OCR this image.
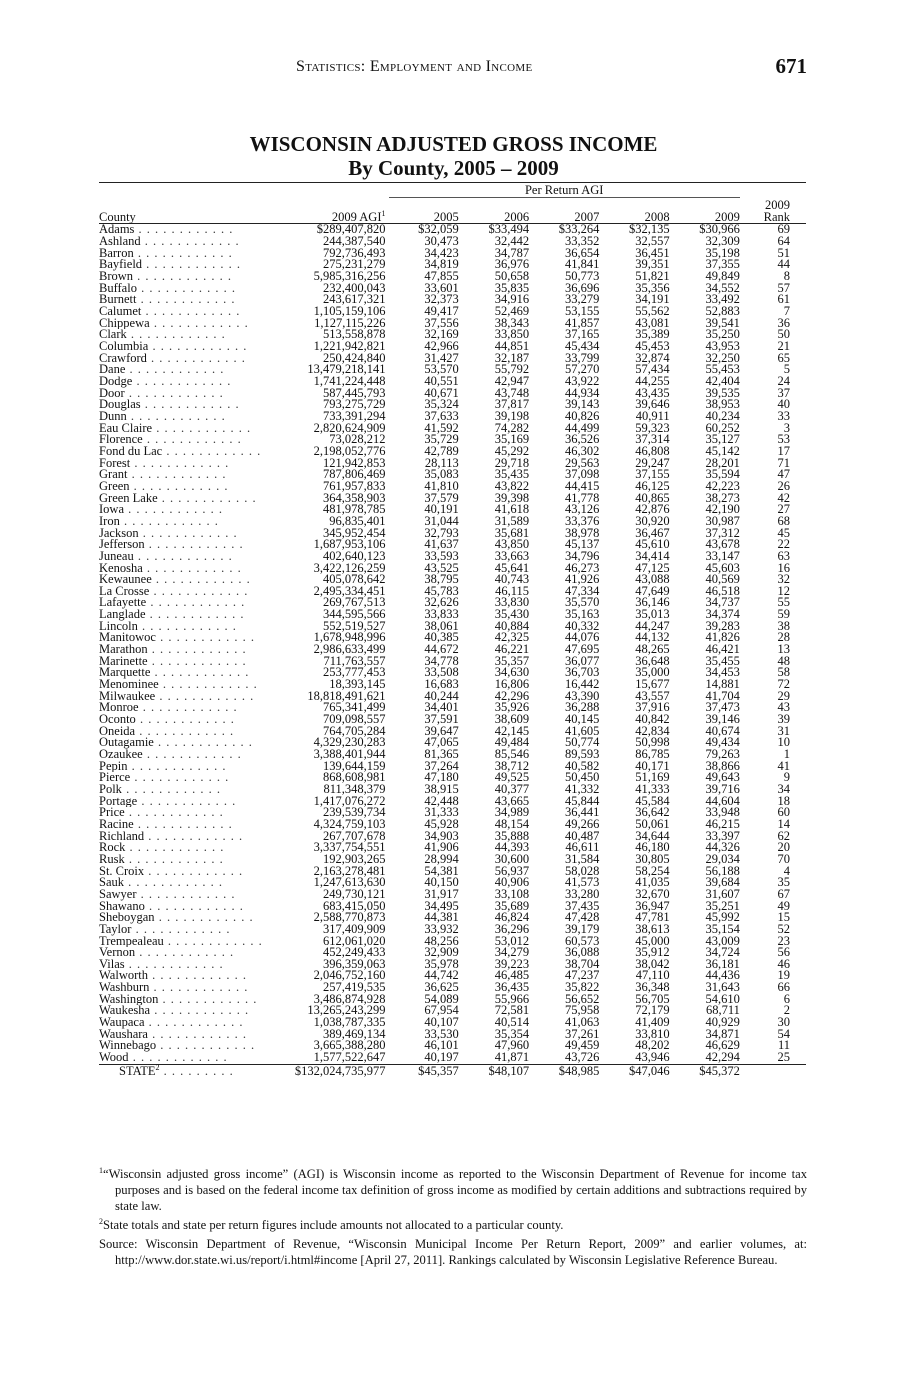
Statistics: Employment and Income	671
WISCONSIN ADJUSTED GROSS INCOME
By County, 2005 – 2009
		Per Return AGI					
							2009
County	2009 AGI$^1$	2005	2006	2007	2008	2009	Rank
Adams . . . . . . . . . . . .	$289,407,820	$32,059	$33,494	$33,264	$32,135	$30,966	69
Ashland . . . . . . . . . . . .	244,387,540	30,473	32,442	33,352	32,557	32,309	64
Barron . . . . . . . . . . . .	792,736,493	34,423	34,787	36,654	36,451	35,198	51
Bayfield . . . . . . . . . . . .	275,231,279	34,819	36,976	41,841	39,351	37,355	44
Brown . . . . . . . . . . . .	5,985,316,256	47,855	50,658	50,773	51,821	49,849	8
Buffalo . . . . . . . . . . . .	232,400,043	33,601	35,835	36,696	35,356	34,552	57
Burnett . . . . . . . . . . . .	243,617,321	32,373	34,916	33,279	34,191	33,492	61
Calumet . . . . . . . . . . . .	1,105,159,106	49,417	52,469	53,155	55,562	52,883	7
Chippewa . . . . . . . . . . . .	1,127,115,226	37,556	38,343	41,857	43,081	39,541	36
Clark . . . . . . . . . . . .	513,558,878	32,169	33,850	37,165	35,389	35,250	50
Columbia . . . . . . . . . . . .	1,221,942,821	42,966	44,851	45,434	45,453	43,953	21
Crawford . . . . . . . . . . . .	250,424,840	31,427	32,187	33,799	32,874	32,250	65
Dane . . . . . . . . . . . .	13,479,218,141	53,570	55,792	57,270	57,434	55,453	5
Dodge . . . . . . . . . . . .	1,741,224,448	40,551	42,947	43,922	44,255	42,404	24
Door . . . . . . . . . . . .	587,445,793	40,671	43,748	44,934	43,435	39,535	37
Douglas . . . . . . . . . . . .	793,275,729	35,324	37,817	39,143	39,646	38,953	40
Dunn . . . . . . . . . . . .	733,391,294	37,633	39,198	40,826	40,911	40,234	33
Eau Claire . . . . . . . . . . . .	2,820,624,909	41,592	74,282	44,499	59,323	60,252	3
Florence . . . . . . . . . . . .	73,028,212	35,729	35,169	36,526	37,314	35,127	53
Fond du Lac . . . . . . . . . . . .	2,198,052,776	42,789	45,292	46,302	46,808	45,142	17
Forest . . . . . . . . . . . .	121,942,853	28,113	29,718	29,563	29,247	28,201	71
Grant . . . . . . . . . . . .	787,806,469	35,083	35,435	37,098	37,155	35,594	47
Green . . . . . . . . . . . .	761,957,833	41,810	43,822	44,415	46,125	42,223	26
Green Lake . . . . . . . . . . . .	364,358,903	37,579	39,398	41,778	40,865	38,273	42
Iowa . . . . . . . . . . . .	481,978,785	40,191	41,618	43,126	42,876	42,190	27
Iron . . . . . . . . . . . .	96,835,401	31,044	31,589	33,376	30,920	30,987	68
Jackson . . . . . . . . . . . .	345,952,454	32,793	35,681	38,978	36,467	37,312	45
Jefferson . . . . . . . . . . . .	1,687,953,106	41,637	43,850	45,137	45,610	43,678	22
Juneau . . . . . . . . . . . .	402,640,123	33,593	33,663	34,796	34,414	33,147	63
Kenosha . . . . . . . . . . . .	3,422,126,259	43,525	45,641	46,273	47,125	45,603	16
Kewaunee . . . . . . . . . . . .	405,078,642	38,795	40,743	41,926	43,088	40,569	32
La Crosse . . . . . . . . . . . .	2,495,334,451	45,783	46,115	47,334	47,649	46,518	12
Lafayette . . . . . . . . . . . .	269,767,513	32,626	33,830	35,570	36,146	34,737	55
Langlade . . . . . . . . . . . .	344,595,566	33,833	35,430	35,163	35,013	34,374	59
Lincoln . . . . . . . . . . . .	552,519,527	38,061	40,884	40,332	44,247	39,283	38
Manitowoc . . . . . . . . . . . .	1,678,948,996	40,385	42,325	44,076	44,132	41,826	28
Marathon . . . . . . . . . . . .	2,986,633,499	44,672	46,221	47,695	48,265	46,421	13
Marinette . . . . . . . . . . . .	711,763,557	34,778	35,357	36,077	36,648	35,455	48
Marquette . . . . . . . . . . . .	253,777,453	33,508	34,630	36,703	35,000	34,453	58
Menominee . . . . . . . . . . . .	18,393,145	16,683	16,806	16,442	15,677	14,881	72
Milwaukee . . . . . . . . . . . .	18,818,491,621	40,244	42,296	43,390	43,557	41,704	29
Monroe . . . . . . . . . . . .	765,341,499	34,401	35,926	36,288	37,916	37,473	43
Oconto . . . . . . . . . . . .	709,098,557	37,591	38,609	40,145	40,842	39,146	39
Oneida . . . . . . . . . . . .	764,705,284	39,647	42,145	41,605	42,834	40,674	31
Outagamie . . . . . . . . . . . .	4,329,230,283	47,065	49,484	50,774	50,998	49,434	10
Ozaukee . . . . . . . . . . . .	3,388,401,944	81,365	85,546	89,593	86,785	79,263	1
Pepin . . . . . . . . . . . .	139,644,159	37,264	38,712	40,582	40,171	38,866	41
Pierce . . . . . . . . . . . .	868,608,981	47,180	49,525	50,450	51,169	49,643	9
Polk . . . . . . . . . . . .	811,348,379	38,915	40,377	41,332	41,333	39,716	34
Portage . . . . . . . . . . . .	1,417,076,272	42,448	43,665	45,844	45,584	44,604	18
Price . . . . . . . . . . . .	239,539,734	31,333	34,989	36,441	36,642	33,948	60
Racine . . . . . . . . . . . .	4,324,759,103	45,928	48,154	49,266	50,061	46,215	14
Richland . . . . . . . . . . . .	267,707,678	34,903	35,888	40,487	34,644	33,397	62
Rock . . . . . . . . . . . .	3,337,754,551	41,906	44,393	46,611	46,180	44,326	20
Rusk . . . . . . . . . . . .	192,903,265	28,994	30,600	31,584	30,805	29,034	70
St. Croix . . . . . . . . . . . .	2,163,278,481	54,381	56,937	58,028	58,254	56,188	4
Sauk . . . . . . . . . . . .	1,247,613,630	40,150	40,906	41,573	41,035	39,684	35
Sawyer . . . . . . . . . . . .	249,730,121	31,917	33,108	33,280	32,670	31,607	67
Shawano . . . . . . . . . . . .	683,415,050	34,495	35,689	37,435	36,947	35,251	49
Sheboygan . . . . . . . . . . . .	2,588,770,873	44,381	46,824	47,428	47,781	45,992	15
Taylor . . . . . . . . . . . .	317,409,909	33,932	36,296	39,179	38,613	35,154	52
Trempealeau . . . . . . . . . . . .	612,061,020	48,256	53,012	60,573	45,000	43,009	23
Vernon . . . . . . . . . . . .	452,249,433	32,909	34,279	36,088	35,912	34,724	56
Vilas . . . . . . . . . . . .	396,359,063	35,978	39,223	38,704	38,042	36,181	46
Walworth . . . . . . . . . . . .	2,046,752,160	44,742	46,485	47,237	47,110	44,436	19
Washburn . . . . . . . . . . . .	257,419,535	36,625	36,435	35,822	36,348	31,643	66
Washington . . . . . . . . . . . .	3,486,874,928	54,089	55,966	56,652	56,705	54,610	6
Waukesha . . . . . . . . . . . .	13,265,243,299	67,954	72,581	75,958	72,179	68,711	2
Waupaca . . . . . . . . . . . .	1,038,787,335	40,107	40,514	41,063	41,409	40,929	30
Waushara . . . . . . . . . . . .	389,469,134	33,530	35,354	37,261	33,810	34,871	54
Winnebago . . . . . . . . . . . .	3,665,388,280	46,101	47,960	49,459	48,202	46,629	11
Wood . . . . . . . . . . . .	1,577,522,647	40,197	41,871	43,726	43,946	42,294	25
STATE$^2$ . . . . . . . . .	$132,024,735,977	$45,357	$48,107	$48,985	$47,046	$45,372	

$^1$“Wisconsin adjusted gross income” (AGI) is Wisconsin income as reported to the Wisconsin Department of Revenue for income tax purposes and is based on the federal income tax definition of gross income as modified by certain additions and subtractions required by state law.

$^2$State totals and state per return figures include amounts not allocated to a particular county.

Source: Wisconsin Department of Revenue, “Wisconsin Municipal Income Per Return Report, 2009” and earlier volumes, at: http://www.dor.state.wi.us/report/i.html#income [April 27, 2011]. Rankings calculated by Wisconsin Legislative Reference Bureau.
